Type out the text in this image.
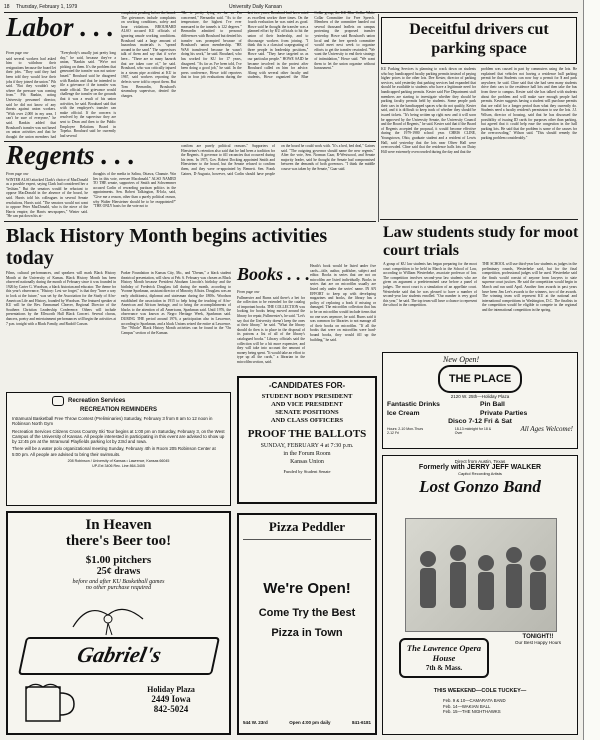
18 Thursday, February 1, 1979	University Daily Kansan
Labor . . .

From page one

said several workers had asked him to withdraw their resignations because the board let their jobs. "They said they had been told they would lose their jobs if they joined the union." Pih said. "But they wouldn't say where the pressure was coming from." Pih Rankin, acting University personnel director, said he did not know of any threats against union workers. "With over 2,000 in my area, I can't be sure of everyone," he said. Rankin added that Brouhard's transfer was not based on union activities and that he thought the union members had

"Everybody's usually just pretty long day," he said, because they've a union, "Rankin said. "We're not picking on them. It's the problem that generated the transfer was not union-based." Brouhard said he disagreed with Rankin and that he intended to file a grievance if the transfer was made official. The grievance would challenge the transfer on the grounds that it was a result of his union activities, he said. Brouhard said that with the employee's transfer can make official. If the concern is resolved by the supervisor they are sent to Dean and then to the Public Employee Relations Board in Topeka. Brouhard said he currently had several

complaints pending before the board. The grievances include complaints on working conditions, safety and hour violations. BROUHARD ALSO accused KU officials of ignoring unsafe working conditions. Brouhard said a large amount of hazardous materials is "spread around in the sand." The supervisors talk of them and say that if we're here... "There are so many hazards that are taken care of," he said. Brouhard, who was critically injured in a steam pipe accident at KU in 1967, said workers reporting the defects were told to report them. But Tom Bernardin, Brouhard's steamshop supervisor, denied the charges.

"He is pretty lying as far as I'm concerned," Bernardin said. "As to the temperature, the highest I've ever measured in the tunnels is 122 degrees." Bernardin admitted to personal differences with Brouhard but denied his transfer was prompted because of Brouhard's union membership. "HE WAS transferred because he wasn't doing his work," he said. Brouhard, who has worked for KU for 17 years, disagreed. "As far as I've been told, I've been doing a good job," he said. In the press conference, Howe told reporters that in four job evaluations during the last two years, Brouhard had been rated as excellent worker three times. On the fourth evaluation he was rated as good. Howe said he thought the transfer was a planned effort by KU officials to hit the union of their leadership, and to discourage workers from joining. "I think this is a classical scapegoating of three people in leadership positions," Howe said. "They have targeted us as our particular people." HOWE SAID he became involved in the protest after Brouhard called on him for advice. Along with several other faculty and students, Howe organized the Blue Collar group, the KU Blue Collar-White Collar Committee for Free Speech. Members of the committee handed out several thousand leaflets on campus protesting the proposed transfer yesterday. Howe said Brouhard's union local and the free speech committee would meet next week to organize efforts to get the transfer rescinded. "We want the University to end their strategy of intimidation," Howe said. "We want them to let the union organize without harassment."

Deceitful drivers cut parking space

KU Parking Services is planning to crack down on students who buy handicapped faculty parking permits instead of paying higher prices to the other lots. Dee Kester, director of parking services, said yesterday that parking services had expanded that should be available to students who have a legitimate need for handicapped parking permits. Kester said Fire Department staff members are starting to investigate whether they should be parking faculty permits held by students. Some people park their cars in the handicapped spaces who do not qualify, Kester said, and it is difficult to keep track of whether they should be issued tickets. "It's being written up right now and it will soon be approved by the University Senate, the University Council and the Board of Regents," he said. Kester said that if the Board of Regents accepted the proposal, it would become effective during the 1979-1980 school year. CHRIS CLINE, Youngstown, Ohio, graduate student and a resident of Lewis Hall, said yesterday that the lots near Oliver Hall were overcrowded. Cline said that the residence halls lots on Daisy Hill were extremely overcrowded during the day and that the

problem was caused in part by commuters using the lots. He explained that vehicles not having a residence hall parking permit be that Students can now buy a permit for $ and park anywhere, he said. Cline said that she had seen many students drive their cars to the residence hall lots and then take the bus from there to campus. Kester said she has talked with students about the problem and will make sure enough people had permits. Kester suggests having a student will purchase permits that are valid for a longer period than what they currently do. Students need a faculty resident's permission to use the lots. J.J. Wilson, director of housing, said that he has discussed the possibility of issuing ID cards for purposes other than parking, but agreed that it could help ease the congestion in the hall parking lots. He said that the problem is some of the causes for the overcrowding," Wilson said. "This should remedy the parking problem considerably."

Regents . . .

From page one

WINTER ALSO attacked Clark's choice of MacDonald as a possible expert, saying Clark had considered her a "lesbian." But the senators would be reluctant to oppose MacDonald in the absence of the board, he said. Harris told his colleagues in several Senate resolutions, Harris said. "The senators would not want to oppose Peter MacDonald, who is the niece of the Harris empire, the Harris newspapers," Winter said. "He can put down his at-

thoughts of the media in Salina, Ottawa, Chanute. War lies in this vote, oversee Macdonald." ALSO NAMED TO THE senate, supporters of Smith and Schwemmer accused Carlin of rewarding partisan politics in the appointments. Sen. Robert Talkington, R-Iola, said, "Give me a reason, other than a purely political reason, why Walter Hiersteiner should be to be reappointed?" "THE ONLY basis for the vote not to

confirm are purely political reasons." Supporters of Hiersteiner's retention also said that he had been a tradition for the Regents. A governor to fill vacancies that occurred during his term. In 1975, Gov. Robert Docking appointed Smith and Hiersteiner to the board, but the Senate refused to confirm them, and they were re-appointed by Bennett. Sen. Frank Gaines, D-Augusta, however, said Carlin should have people on the board he could work with. "It's a bed, bed deal," Gaines said. "The outgoing governor should name the new regents." After the vote, Sen. Norman Gaar, R-Westwood, and Senate majority leader, said he thought the Senate had compromised between the demands of both governors. "I think the middle course was taken by the Senate," Gaar said.

Black History Month begins activities today

Films, cultural performances, and speakers will mark Black History Month at the University of Kansas. Black History Month has been observed nationally during the month of February since it was founded in 1926 by Carter G. Woodson, a black historian and educator. The theme for this year's observance, "History: Lest we forget," is that they "have a way to look at the future," was set by the Association for the Study of Afro-American Life and History, founded by Woodson. The featured speaker at KU will be the Rev. Emmanuel Cleaver, Regional Director of the Southern Christian Leadership Conference. Others will include presentations by the Ellsworth Hall Black Concert. Several chorus, dancers, poetry and entertainment performances will begin the activities at 7 p.m. tonight with a Black Family, and Rudolf Casson.

Parker Foundation in Kansas City, Mo., and "Dream," a black student theatrical presentation, will show at Feb. 6. February was chosen as Black History Month because President Abraham Lincoln's birthday and the birthday of Frederick Douglass fall during the month, according to Yvonne Sparkman, assistant director of Minority Affairs. Douglass was an early abolitionist, diplomat and statesman during the 1800s. Woodson established the association in 1915 to help bring the teaching of Afro-American and African heritage, and to bring the accomplishments of blacks to the attention of all Americans, Sparkman said. Until 1976, the observance was known as Negro Heritage Week, Sparkman said. DURING THE period around 1976, a participation also in Lawrence, according to Sparkman, and a black Unions seized the entire at Lawrence. The "Whole" Black History Month activities can be found in the "On Campus" section of the Kansan.

Books . . .

From page one

Fullmerster and Burns said there's a bet for the collection to be extended for the catalog of important books. THE COLLECTION was looking for books being moved around the library for repair, Fullmerster's, he said. "Let's say that the University doesn't keep the ones at their library," he said. "What the library should do then is to place in the disposal of its patrons a list of all of the library's catalogued books." Library officials said the collection will be a bit more expensive, and they will take into account the amount of money being spent. "It would take an effort to type up all the cards," a librarian in the microfilm section, said.

Heath's book would be listed under five cards—title, author, publisher, subject and editor. Books in series that are not on microfilm are listed individually. Books in series that are on microfilm usually are listed only under the series' name. IN AN EFFORT to keep up with developing magazines and books, the library has a policy of replacing a book if missing or damaged. The microfilm collection that has to be on microfilm would include items that no one uses anymore, he said. Burns said it was common for libraries to not manage all of their books on microfilm. "If all the books that were on microfilm were hard-bound books, they would fill up the building," he said.

Law students study for moot court trials

A group of KU law students has begun preparing for the moot court competition to be held in March in the School of Law, according to William Westerbeke, associate professor of law. The competition involves second-year law students who are given an argument a predetermined case before a panel of judges. The moot court is a simulation of an appellate court. Westerbeke said that he was pleased to have a number of second-year law students enrolled. "Our number is very good this year," he said. The top team will have a chance to represent the school in the competition.

THE SCHOOL will use third-year law students as judges in the preliminary rounds, Westerbeke said, but for the final competition, professional judges will be used. Westerbeke said the finals would consist of anyone from lawyers to state supreme court justices. He said the competition would begin in March and run until April. Another firm awards in past years have been Jim Lee's awards to the winners, two of the awards. The winning team will represent KU at the national and international competitions in Washington, D.C. The finalists in the competition would be eligible to compete in the regional and the international competition in the spring.

Recreation Services
RECREATION REMINDERS

Intramural Basketball Free Throw Contest (Preliminaries) Saturday, February 3 from 8 am to 12 noon in Robinson North Gym

Recreation Services Citizens Cross Country Ski Tour begins at 1:00 pm on Saturday, February 3, on the West Campus of the University of Kansas. All people interested in participating in this event are advised to show up by 12:45 pm at the Intramural Playfields parking lot by 23rd and Iowa.

There will be a water polo organizational meeting Sunday, February 4th in Room 205 Robinson Center at 5:00 pm. All people are advised to bring their swimsuits.

208 Robinson / University of Kansas • Lawrence, Kansas 66045

UP-Ext 3406 Rec. Line 864-3405

-CANDIDATES FOR-
STUDENT BODY PRESIDENT
AND VICE PRESIDENT
SENATE POSITIONS
AND CLASS OFFICERS
PROOF THE BALLOTS
SUNDAY, FEBRUARY 4 at 7:30 p.m.
in the Forum Room
Kansas Union
Funded by Student Senate
New Open!
THE PLACE
2120 W. 25th—Holiday Plaza
Fantastic Drinks	Pin Ball
Ice Cream	Private Parties
Disco 7-12 Fri & Sat
Hours: 2-10 Mon-Thurs 2-12 Fri
18-13 midnight for 18 & Over
All Ages Welcome!
In Heaven
there's Beer too!
$1.00 pitchers
25¢ draws
before and after KU Basketball games
no other purchase required
Gabriel's
Holiday Plaza
2449 Iowa
842-5024
Pizza Peddler
We're Open!
Come Try the Best
Pizza in Town
544 W. 23rd	Open 4:00 pm daily	841-6181
Direct from Austin, Texas
Formerly with JERRY JEFF WALKER
Capitol Recording Artists
Lost Gonzo Band
TONIGHT!!
Our Best Happy Hours
The Lawrence Opera House
7th & Mass.
THIS WEEKEND—COLE TUCKEY—
Feb. 9 & 10—CAMARATA BAND
Feb. 14—WAKIAN BALL
Feb. 15—THE NIGHTHAWKS
